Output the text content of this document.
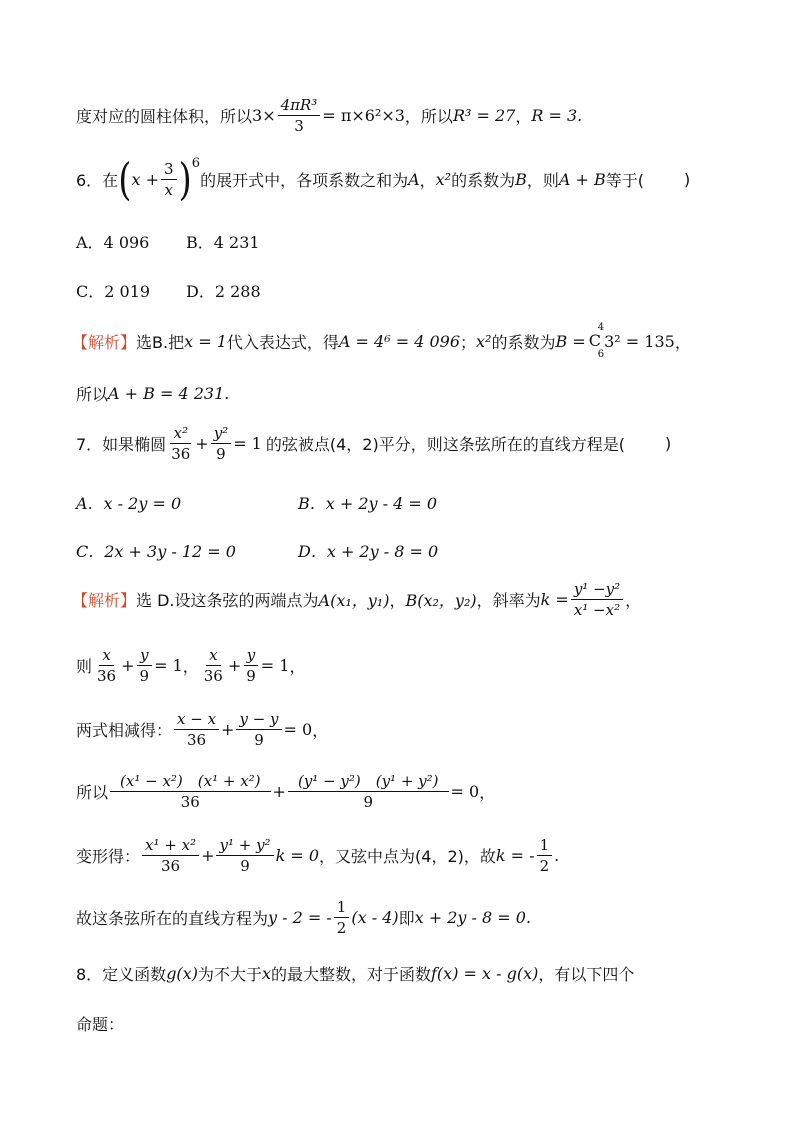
度对应的圆柱体积，所以 $3\times \frac{\text{4πR³}}{3} = \pi\times 6^2\times 3$ ，所以 R³ = 27 ， R = 3.
6．在 ( $x + \frac{3}{x}$ ) 6
的展开式中，各项系数之和为 A ， x² 的系数为 B ，则 A + B 等于(	)
A．4 096 B．4 231
C．2 019 D．2 288
【解析】 选B.把 x = 1 代入表达式，得 A = 4⁶ = 4 096 ； x² 的系数为 B =
4
C
6
3² = 135 ，
所以 A + B = 4 231.
7．如果椭圆 $\frac{\text{x²}}{36} + \frac{\text{y²}}{9} = 1$ 的弦被点(4，2)平分，则这条弦所在的直线方程是(	)
A．x - 2y = 0	B．x + 2y - 4 = 0
C．2x + 3y - 12 = 0	D．x + 2y - 8 = 0
【解析】 选 D.设这条弦的两端点为 A(x₁，y₁) ， B(x₂，y₂) ，斜率为 $k = \frac{\text{y¹ −y²}}{\text{x¹ −x²}}$ ，
则 $\frac{x}{36} + \frac{y}{9} = 1$ ， $\frac{x}{36} + \frac{y}{9} = 1$ ，
两式相减得： $\frac{x - x}{36} + \frac{y - y}{9} = 0$ ，
所以 $\frac{\text{(x¹ − x²)　(x¹ + x²)}}{36} + \frac{\text{(y¹ − y²)　(y¹ + y²)}}{9} = 0$ ，
变形得： $\frac{\text{x¹ + x²}}{36} + \frac{\text{y¹ + y²}}{9}$ k = 0 ，又弦中点为(4，2)，故 k = - $\frac{1}{2}$ .
故这条弦所在的直线方程为 y - 2 = - $\frac{1}{2} (x - 4)$ 即 x + 2y - 8 = 0.
8．定义函数 g(x) 为不大于 x 的最大整数，对于函数 f(x) = x - g(x) ，有以下四个
命题：
